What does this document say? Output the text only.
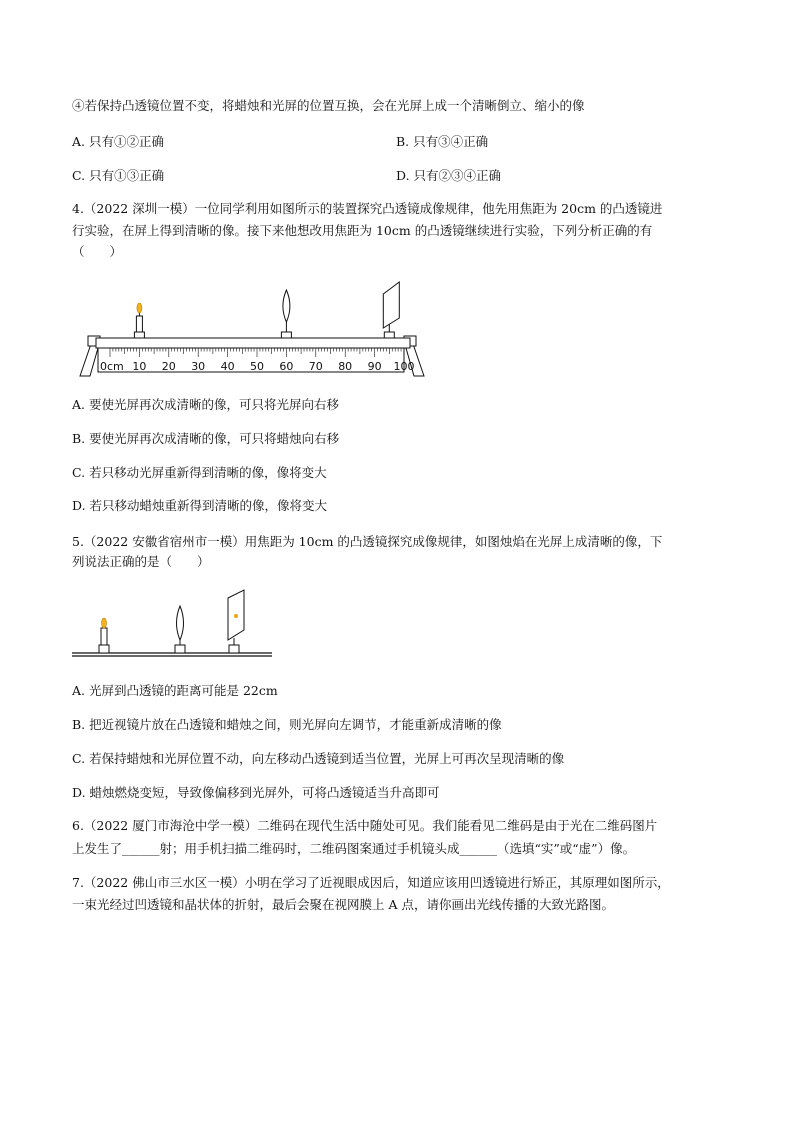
④若保持凸透镜位置不变，将蜡烛和光屏的位置互换，会在光屏上成一个清晰倒立、缩小的像
A. 只有①②正确	B. 只有③④正确
C. 只有①③正确	D. 只有②③④正确
4.（2022 深圳一模）一位同学利用如图所示的装置探究凸透镜成像规律，他先用焦距为 20cm 的凸透镜进
行实验，在屏上得到清晰的像。接下来他想改用焦距为 10cm 的凸透镜继续进行实验，下列分析正确的有
（　　）
0cm 10 20 30 40 50 60 70 80 90 100
A. 要使光屏再次成清晰的像，可只将光屏向右移
B. 要使光屏再次成清晰的像，可只将蜡烛向右移
C. 若只移动光屏重新得到清晰的像，像将变大
D. 若只移动蜡烛重新得到清晰的像，像将变大
5.（2022 安徽省宿州市一模）用焦距为 10cm 的凸透镜探究成像规律，如图烛焰在光屏上成清晰的像，下
列说法正确的是（　　）
A. 光屏到凸透镜的距离可能是 22cm
B. 把近视镜片放在凸透镜和蜡烛之间，则光屏向左调节，才能重新成清晰的像
C. 若保持蜡烛和光屏位置不动，向左移动凸透镜到适当位置，光屏上可再次呈现清晰的像
D. 蜡烛燃烧变短，导致像偏移到光屏外，可将凸透镜适当升高即可
6.（2022 厦门市海沧中学一模）二维码在现代生活中随处可见。我们能看见二维码是由于光在二维码图片
上发生了______射；用手机扫描二维码时，二维码图案通过手机镜头成______（选填“实”或“虚”）像。
7.（2022 佛山市三水区一模）小明在学习了近视眼成因后，知道应该用凹透镜进行矫正，其原理如图所示，
一束光经过凹透镜和晶状体的折射，最后会聚在视网膜上 A 点，请你画出光线传播的大致光路图。
